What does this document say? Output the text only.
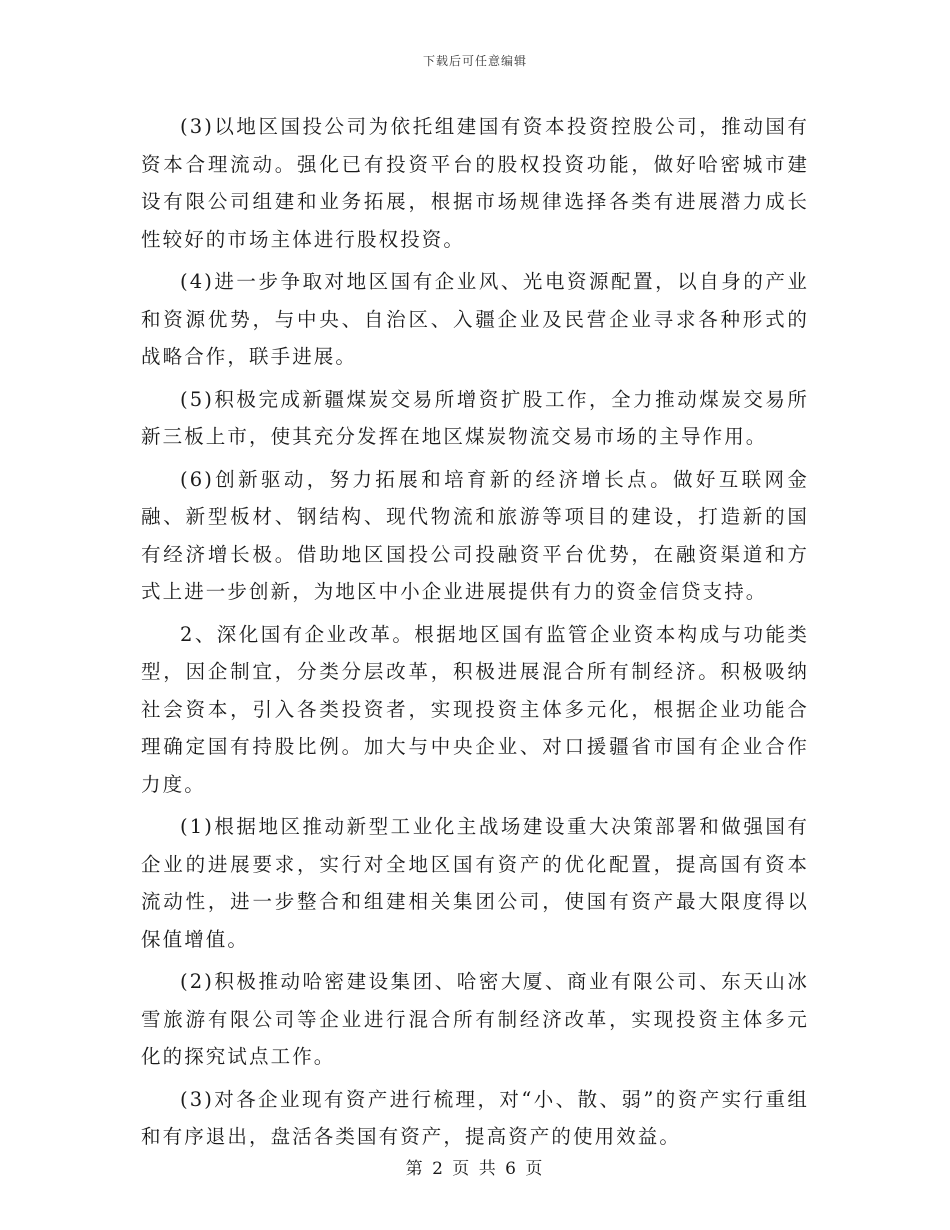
下载后可任意编辑

(3)以地区国投公司为依托组建国有资本投资控股公司，推动国有资本合理流动。强化已有投资平台的股权投资功能，做好哈密城市建设有限公司组建和业务拓展，根据市场规律选择各类有进展潜力成长性较好的市场主体进行股权投资。

(4)进一步争取对地区国有企业风、光电资源配置，以自身的产业和资源优势，与中央、自治区、入疆企业及民营企业寻求各种形式的战略合作，联手进展。

(5)积极完成新疆煤炭交易所增资扩股工作，全力推动煤炭交易所新三板上市，使其充分发挥在地区煤炭物流交易市场的主导作用。

(6)创新驱动，努力拓展和培育新的经济增长点。做好互联网金融、新型板材、钢结构、现代物流和旅游等项目的建设，打造新的国有经济增长极。借助地区国投公司投融资平台优势，在融资渠道和方式上进一步创新，为地区中小企业进展提供有力的资金信贷支持。

2、深化国有企业改革。根据地区国有监管企业资本构成与功能类型，因企制宜，分类分层改革，积极进展混合所有制经济。积极吸纳社会资本，引入各类投资者，实现投资主体多元化，根据企业功能合理确定国有持股比例。加大与中央企业、对口援疆省市国有企业合作力度。

(1)根据地区推动新型工业化主战场建设重大决策部署和做强国有企业的进展要求，实行对全地区国有资产的优化配置，提高国有资本流动性，进一步整合和组建相关集团公司，使国有资产最大限度得以保值增值。

(2)积极推动哈密建设集团、哈密大厦、商业有限公司、东天山冰雪旅游有限公司等企业进行混合所有制经济改革，实现投资主体多元化的探究试点工作。

(3)对各企业现有资产进行梳理，对“小、散、弱”的资产实行重组和有序退出，盘活各类国有资产，提高资产的使用效益。

第 2 页 共 6 页
